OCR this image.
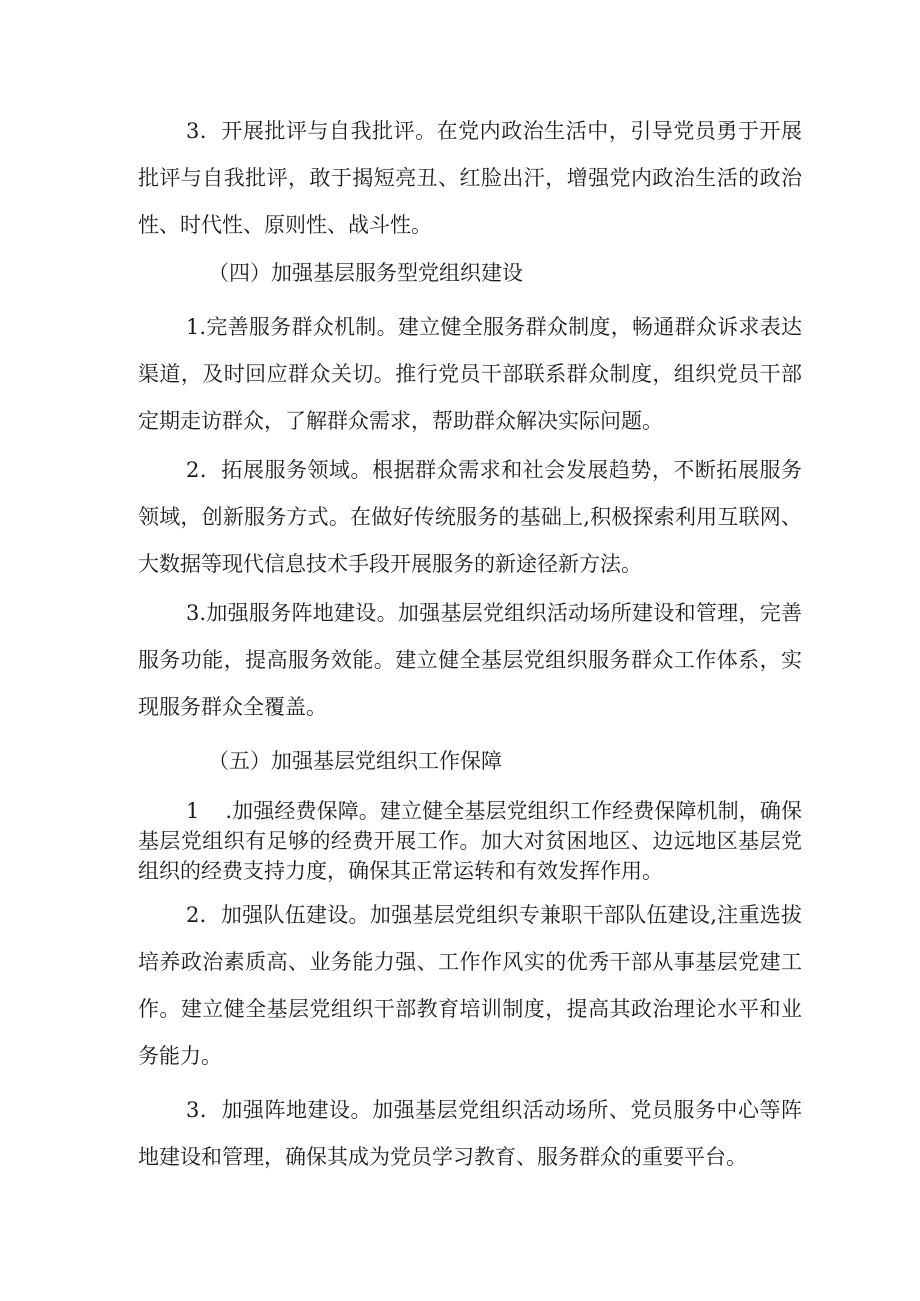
3．开展批评与自我批评。在党内政治生活中，引导党员勇于开展批评与自我批评，敢于揭短亮丑、红脸出汗，增强党内政治生活的政治性、时代性、原则性、战斗性。

（四）加强基层服务型党组织建设

1.完善服务群众机制。建立健全服务群众制度，畅通群众诉求表达渠道，及时回应群众关切。推行党员干部联系群众制度，组织党员干部定期走访群众，了解群众需求，帮助群众解决实际问题。

2．拓展服务领域。根据群众需求和社会发展趋势，不断拓展服务领域，创新服务方式。在做好传统服务的基础上,积极探索利用互联网、大数据等现代信息技术手段开展服务的新途径新方法。

3.加强服务阵地建设。加强基层党组织活动场所建设和管理，完善服务功能，提高服务效能。建立健全基层党组织服务群众工作体系，实现服务群众全覆盖。

（五）加强基层党组织工作保障

1 .加强经费保障。建立健全基层党组织工作经费保障机制，确保基层党组织有足够的经费开展工作。加大对贫困地区、边远地区基层党组织的经费支持力度，确保其正常运转和有效发挥作用。

2．加强队伍建设。加强基层党组织专兼职干部队伍建设,注重选拔培养政治素质高、业务能力强、工作作风实的优秀干部从事基层党建工作。建立健全基层党组织干部教育培训制度，提高其政治理论水平和业务能力。

3．加强阵地建设。加强基层党组织活动场所、党员服务中心等阵地建设和管理，确保其成为党员学习教育、服务群众的重要平台。
